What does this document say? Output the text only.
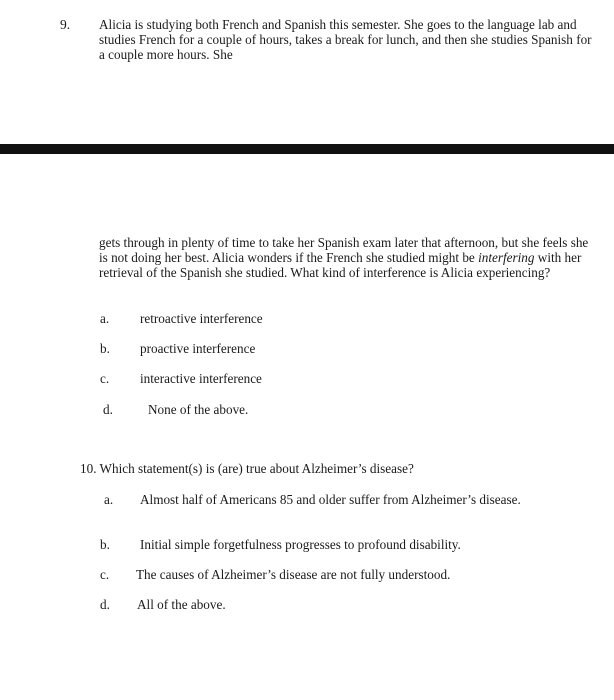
9. Alicia is studying both French and Spanish this semester. She goes to the language lab and studies French for a couple of hours, takes a break for lunch, and then she studies Spanish for a couple more hours. She
gets through in plenty of time to take her Spanish exam later that afternoon, but she feels she is not doing her best. Alicia wonders if the French she studied might be interfering with her retrieval of the Spanish she studied. What kind of interference is Alicia experiencing?
a. retroactive interference
b. proactive interference
c. interactive interference
d.	None of the above.
10. Which statement(s) is (are) true about Alzheimer’s disease?
a. Almost half of Americans 85 and older suffer from Alzheimer’s disease.
b. Initial simple forgetfulness progresses to profound disability.
c. The causes of Alzheimer’s disease are not fully understood.
d. All of the above.
